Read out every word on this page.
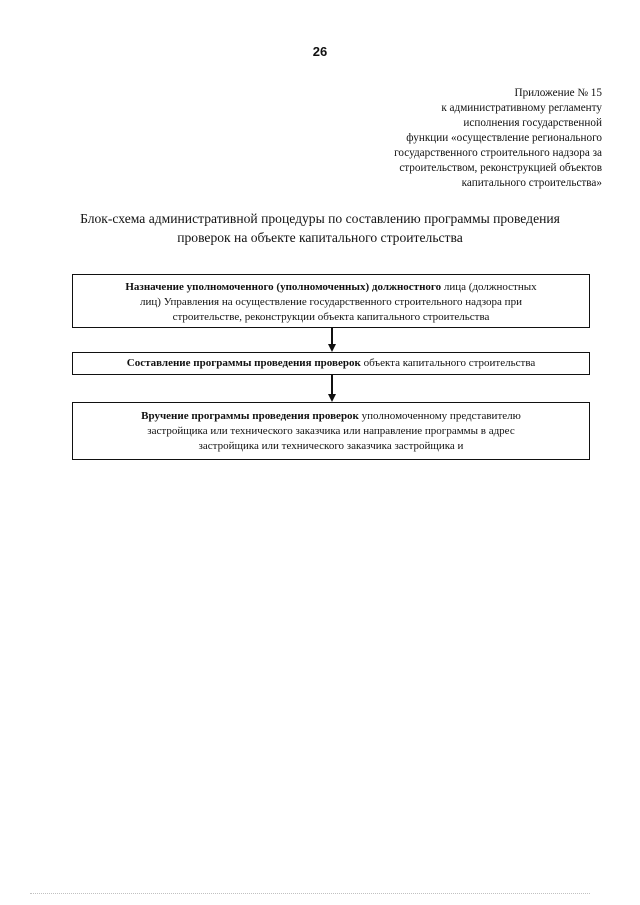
26
Приложение № 15
к административному регламенту
исполнения государственной
функции «осуществление регионального
государственного строительного надзора за
строительством, реконструкцией объектов
капитального строительства»
Блок-схема административной процедуры по составлению программы проведения
проверок на объекте капитального строительства
Назначение уполномоченного (уполномоченных) должностного лица (должностных
лиц) Управления на осуществление государственного строительного надзора при
строительстве, реконструкции объекта капитального строительства
Составление программы проведения проверок объекта капитального строительства
Вручение программы проведения проверок уполномоченному представителю
застройщика или технического заказчика или направление программы в адрес
застройщика или технического заказчика застройщика и
